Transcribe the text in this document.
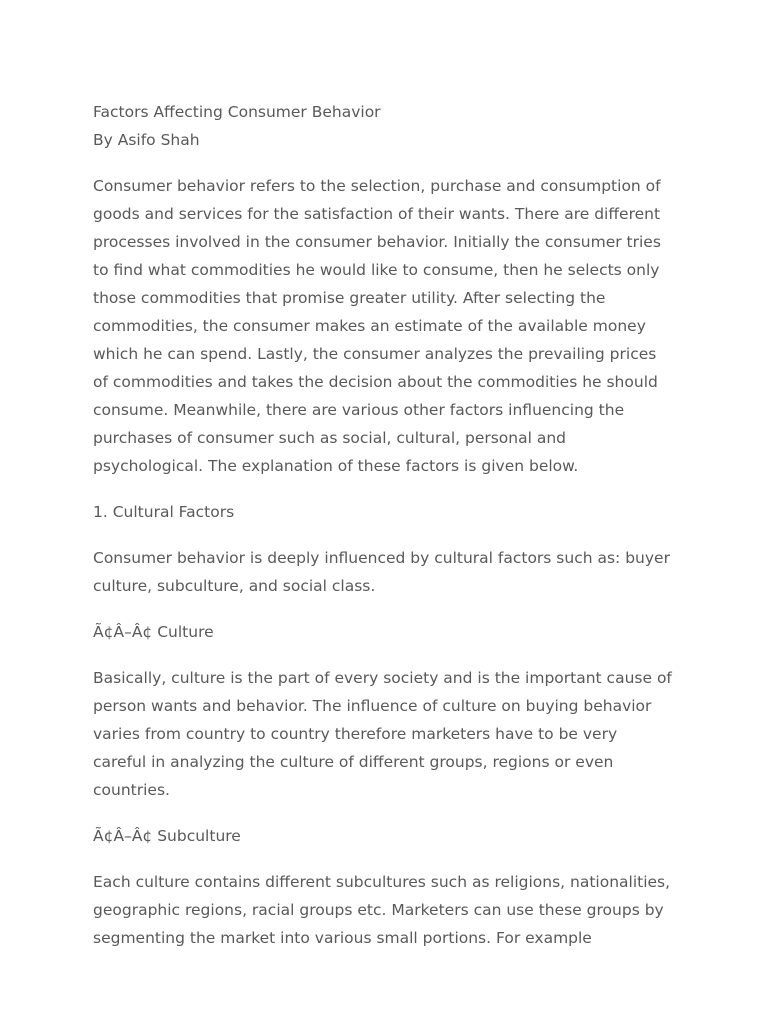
Factors Affecting Consumer Behavior

By Asifo Shah

Consumer behavior refers to the selection, purchase and consumption of
goods and services for the satisfaction of their wants. There are different
processes involved in the consumer behavior. Initially the consumer tries
to find what commodities he would like to consume, then he selects only
those commodities that promise greater utility. After selecting the
commodities, the consumer makes an estimate of the available money
which he can spend. Lastly, the consumer analyzes the prevailing prices
of commodities and takes the decision about the commodities he should
consume. Meanwhile, there are various other factors influencing the
purchases of consumer such as social, cultural, personal and
psychological. The explanation of these factors is given below.

1. Cultural Factors

Consumer behavior is deeply influenced by cultural factors such as: buyer
culture, subculture, and social class.

Ã¢Â–Â¢ Culture

Basically, culture is the part of every society and is the important cause of
person wants and behavior. The influence of culture on buying behavior
varies from country to country therefore marketers have to be very
careful in analyzing the culture of different groups, regions or even
countries.

Ã¢Â–Â¢ Subculture

Each culture contains different subcultures such as religions, nationalities,
geographic regions, racial groups etc. Marketers can use these groups by
segmenting the market into various small portions. For example
